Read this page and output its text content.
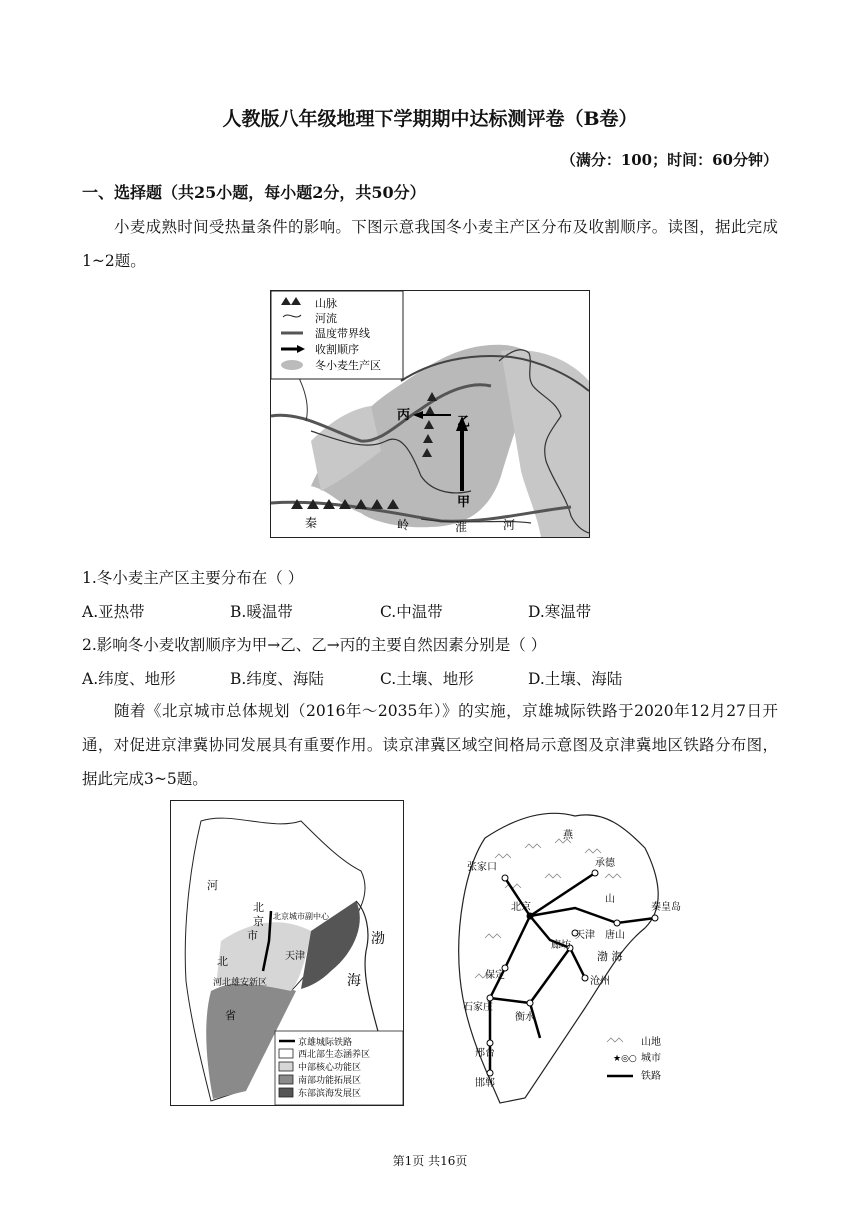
人教版八年级地理下学期期中达标测评卷（B卷）
（满分：100；时间：60分钟）
一、选择题（共25小题，每小题2分，共50分）
小麦成熟时间受热量条件的影响。下图示意我国冬小麦主产区分布及收割顺序。读图，据此完成1~2题。
山脉
河流
温度带界线
收割顺序
冬小麦生产区
丙	乙
甲
秦	岭	淮	河
1.冬小麦主产区主要分布在（ ）
A.亚热带	B.暖温带	C.中温带	D.寒温带
2.影响冬小麦收割顺序为甲→乙、乙→丙的主要自然因素分别是（ ）
A.纬度、地形	B.纬度、海陆	C.土壤、地形	D.土壤、海陆
随着《北京城市总体规划（2016年～2035年）》的实施，京雄城际铁路于2020年12月27日开通，对促进京津冀协同发展具有重要作用。读京津冀区域空间格局示意图及京津冀地区铁路分布图，据此完成3~5题。
京雄城际铁路
西北部生态涵养区
中部核心功能区
南部功能拓展区
东部滨海发展区
河
北
京
市
北京城市副中心
天津
北
河北雄安新区
省
渤
海
张家口	承德
北京
廊坊
天津 唐山
秦皇岛
保定
石家庄
沧州
衡水
邢台
邯郸
燕
山
渤 海
★◎○
山地
城市
铁路
第1页 共16页
